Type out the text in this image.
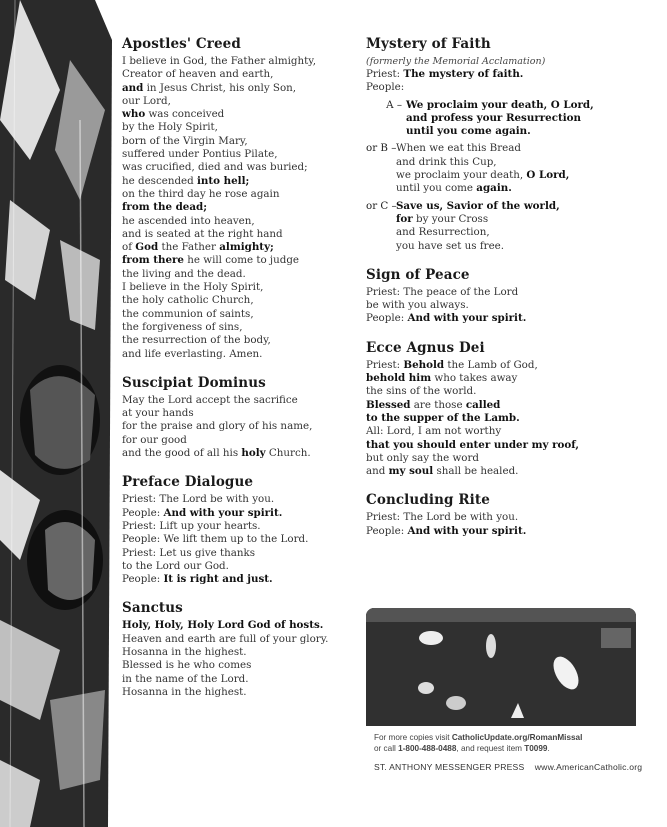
Apostles' Creed
I believe in God, the Father almighty,
Creator of heaven and earth,
and in Jesus Christ, his only Son,
our Lord,
who was conceived
by the Holy Spirit,
born of the Virgin Mary,
suffered under Pontius Pilate,
was crucified, died and was buried;
he descended into hell;
on the third day he rose again
from the dead;
he ascended into heaven,
and is seated at the right hand
of God the Father almighty;
from there he will come to judge
the living and the dead.
I believe in the Holy Spirit,
the holy catholic Church,
the communion of saints,
the forgiveness of sins,
the resurrection of the body,
and life everlasting. Amen.
Suscipiat Dominus
May the Lord accept the sacrifice
at your hands
for the praise and glory of his name,
for our good
and the good of all his holy Church.
Preface Dialogue
Priest: The Lord be with you.
People: And with your spirit.
Priest: Lift up your hearts.
People: We lift them up to the Lord.
Priest: Let us give thanks
to the Lord our God.
People: It is right and just.
Sanctus
Holy, Holy, Holy Lord God of hosts.
Heaven and earth are full of your glory.
Hosanna in the highest.
Blessed is he who comes
in the name of the Lord.
Hosanna in the highest.
Mystery of Faith
(formerly the Memorial Acclamation)
Priest: The mystery of faith.
People:
A – We proclaim your death, O Lord,
and profess your Resurrection
until you come again.
or B – When we eat this Bread
and drink this Cup,
we proclaim your death, O Lord,
until you come again.
or C – Save us, Savior of the world,
for by your Cross
and Resurrection,
you have set us free.
Sign of Peace
Priest: The peace of the Lord
be with you always.
People: And with your spirit.
Ecce Agnus Dei
Priest: Behold the Lamb of God,
behold him who takes away
the sins of the world.
Blessed are those called
to the supper of the Lamb.
All: Lord, I am not worthy
that you should enter under my roof,
but only say the word
and my soul shall be healed.
Concluding Rite
Priest: The Lord be with you.
People: And with your spirit.
For more copies visit CatholicUpdate.org/RomanMissal
or call 1-800-488-0488, and request item T0099.
ST. ANTHONY MESSENGER PRESS www.AmericanCatholic.org
